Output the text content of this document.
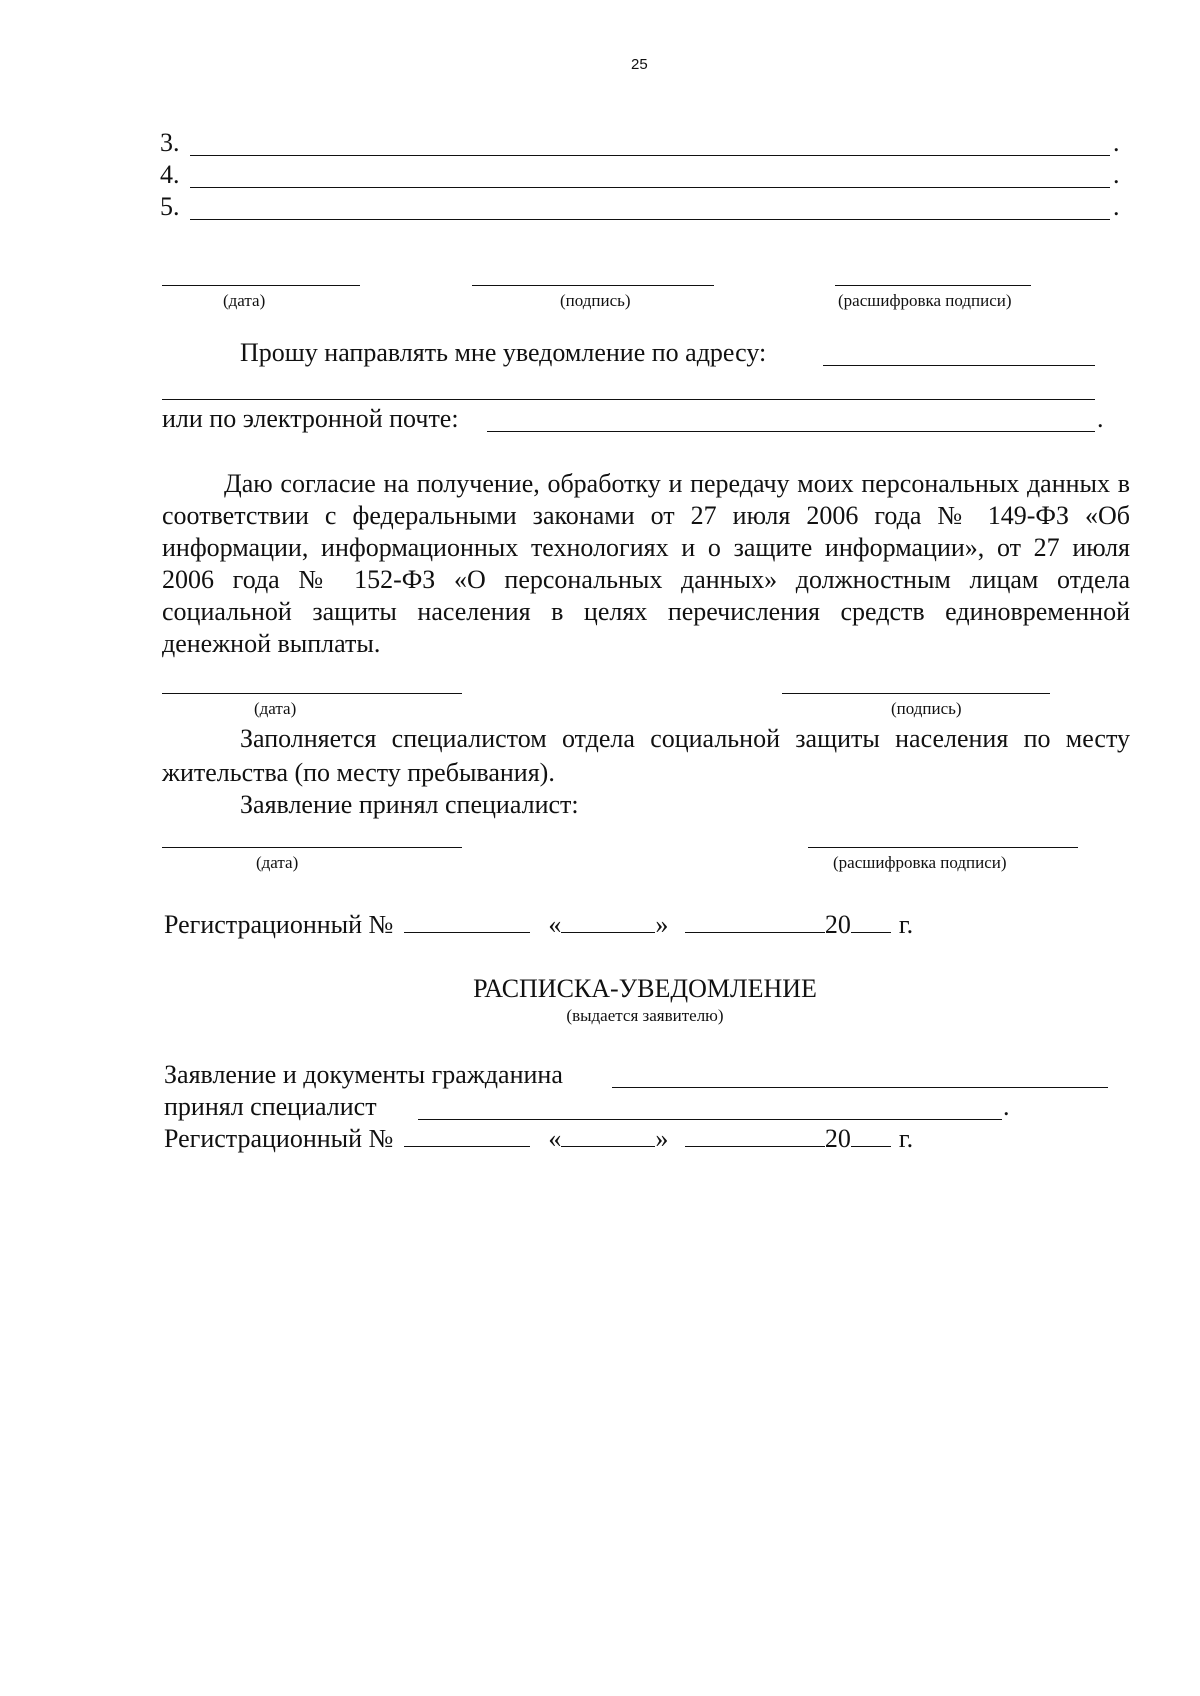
25
3.	.
4.	.
5.	.
(дата)	(подпись)	(расшифровка подписи)
Прошу направлять мне уведомление по адресу:
или по электронной почте:	.
Даю согласие на получение, обработку и передачу моих персональных данных в соответствии с федеральными законами от 27 июля 2006 года № 149-ФЗ «Об информации, информационных технологиях и о защите информации», от 27 июля 2006 года № 152-ФЗ «О персональных данных» должностным лицам отдела социальной защиты населения в целях перечисления средств единовременной денежной выплаты.
(дата)	(подпись)
Заполняется специалистом отдела социальной защиты населения по месту жительства (по месту пребывания).
Заявление принял специалист:
(дата)	(расшифровка подписи)
Регистрационный №	«	»	20 г.
РАСПИСКА-УВЕДОМЛЕНИЕ
(выдается заявителю)
Заявление и документы гражданина
принял специалист	.
Регистрационный №	«	»	20 г.
